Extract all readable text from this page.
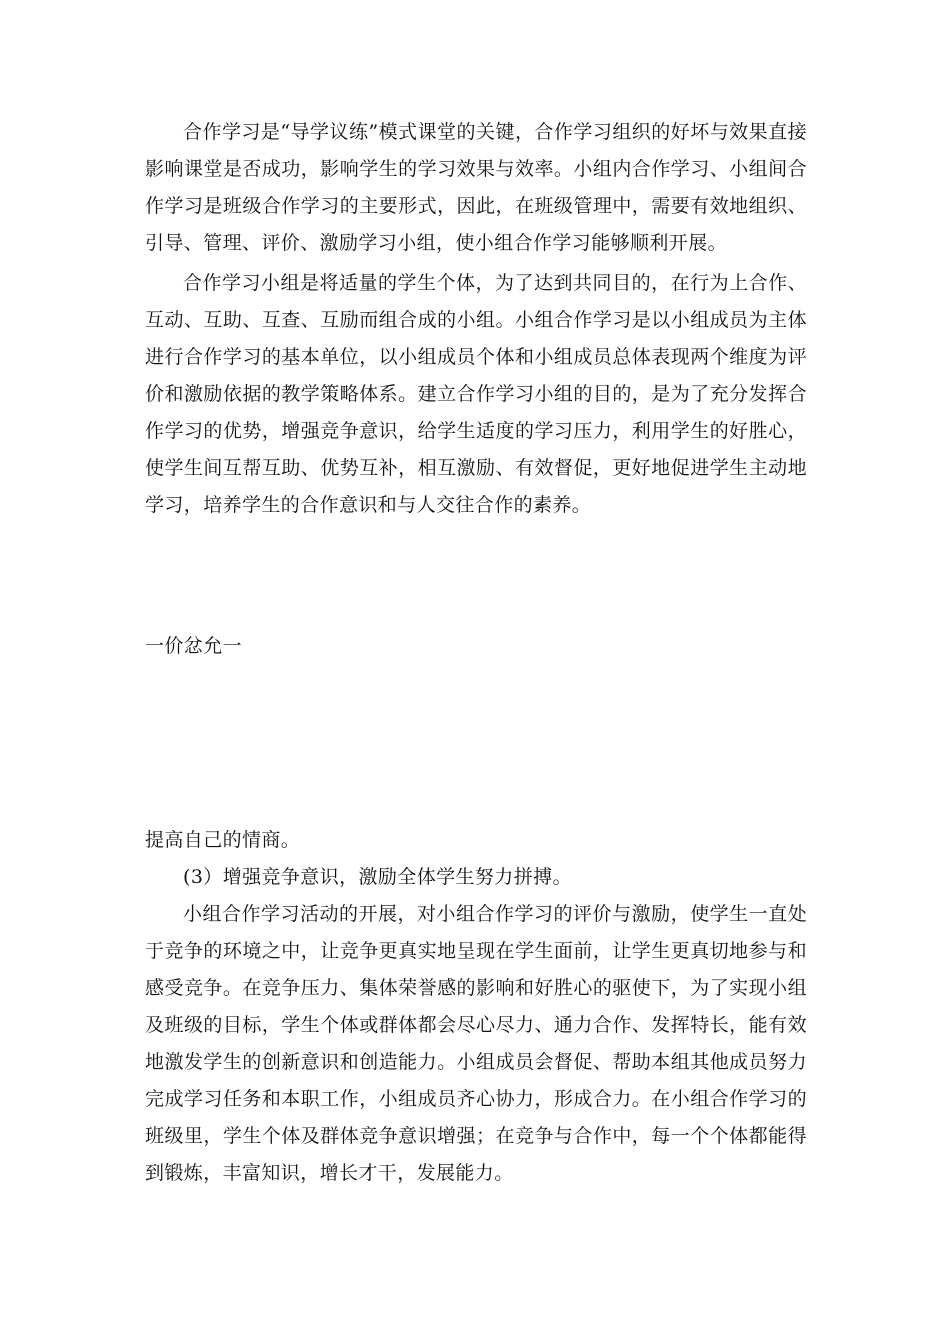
合作学习是“导学议练”模式课堂的关键，合作学习组织的好坏与效果直接影响课堂是否成功，影响学生的学习效果与效率。小组内合作学习、小组间合作学习是班级合作学习的主要形式，因此，在班级管理中，需要有效地组织、引导、管理、评价、激励学习小组，使小组合作学习能够顺利开展。

合作学习小组是将适量的学生个体，为了达到共同目的，在行为上合作、互动、互助、互查、互励而组合成的小组。小组合作学习是以小组成员为主体进行合作学习的基本单位，以小组成员个体和小组成员总体表现两个维度为评价和激励依据的教学策略体系。建立合作学习小组的目的，是为了充分发挥合作学习的优势，增强竞争意识，给学生适度的学习压力，利用学生的好胜心，使学生间互帮互助、优势互补，相互激励、有效督促，更好地促进学生主动地学习，培养学生的合作意识和与人交往合作的素养。

一价忿允一

提高自己的情商。

(3）增强竞争意识，激励全体学生努力拼搏。

小组合作学习活动的开展，对小组合作学习的评价与激励，使学生一直处于竞争的环境之中，让竞争更真实地呈现在学生面前，让学生更真切地参与和感受竞争。在竞争压力、集体荣誉感的影响和好胜心的驱使下，为了实现小组及班级的目标，学生个体或群体都会尽心尽力、通力合作、发挥特长，能有效地激发学生的创新意识和创造能力。小组成员会督促、帮助本组其他成员努力完成学习任务和本职工作，小组成员齐心协力，形成合力。在小组合作学习的班级里，学生个体及群体竞争意识增强；在竞争与合作中，每一个个体都能得到锻炼，丰富知识，增长才干，发展能力。
